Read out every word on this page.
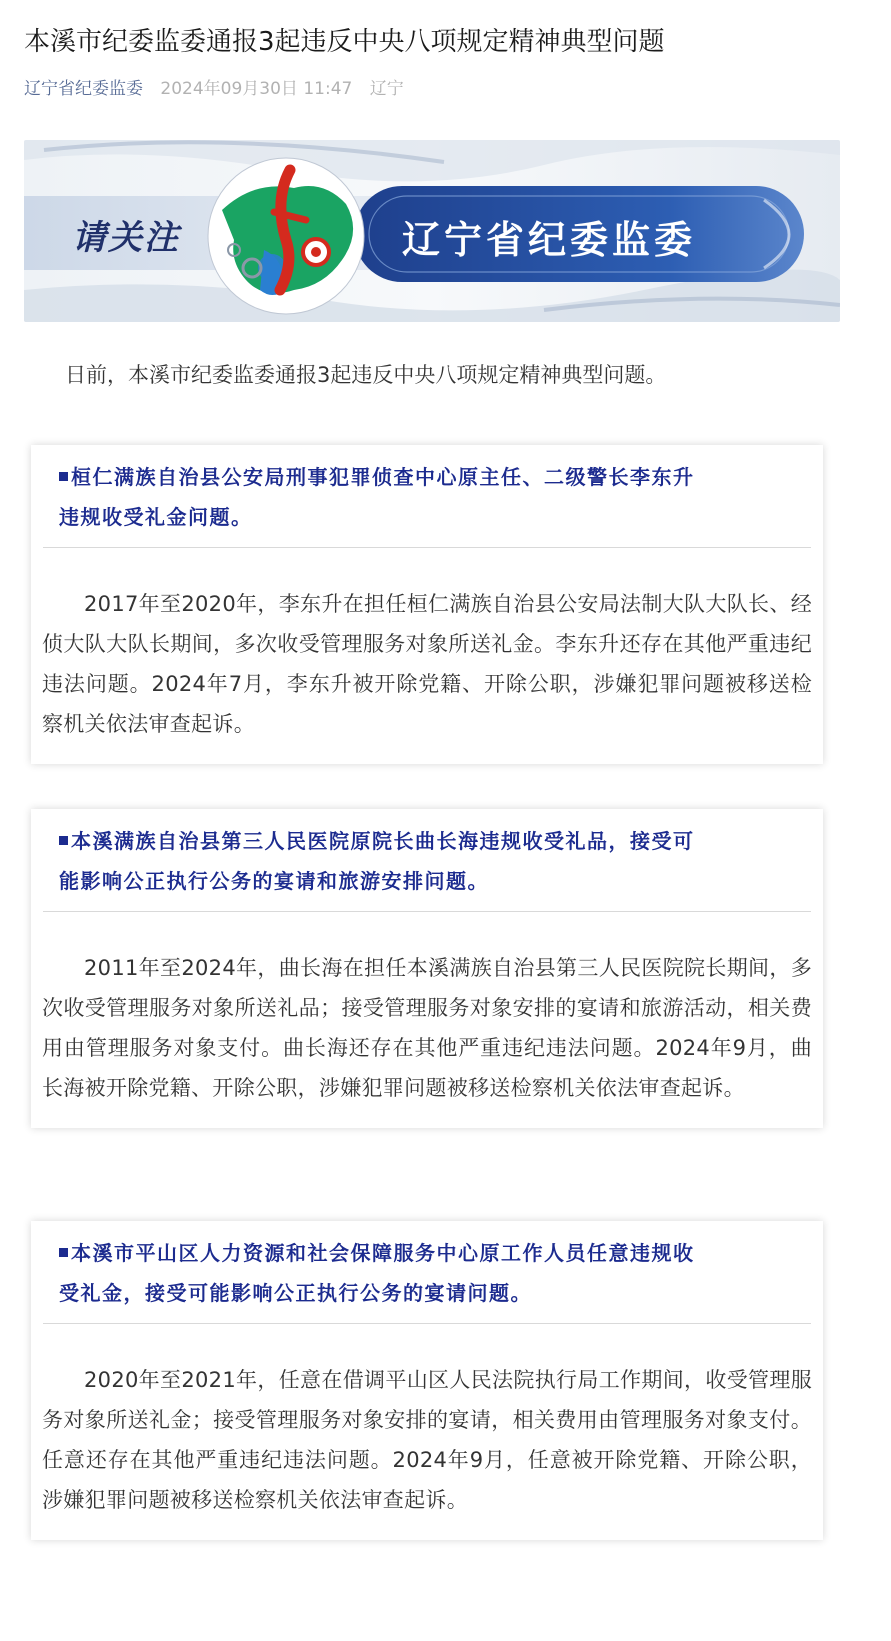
本溪市纪委监委通报3起违反中央八项规定精神典型问题
辽宁省纪委监委 2024年09月30日 11:47 辽宁
请关注	辽宁省纪委监委

日前，本溪市纪委监委通报3起违反中央八项规定精神典型问题。

桓仁满族自治县公安局刑事犯罪侦查中心原主任、二级警长李东升违规收受礼金问题。

2017年至2020年，李东升在担任桓仁满族自治县公安局法制大队大队长、经侦大队大队长期间，多次收受管理服务对象所送礼金。李东升还存在其他严重违纪违法问题。2024年7月，李东升被开除党籍、开除公职，涉嫌犯罪问题被移送检察机关依法审查起诉。

本溪满族自治县第三人民医院原院长曲长海违规收受礼品，接受可能影响公正执行公务的宴请和旅游安排问题。

2011年至2024年，曲长海在担任本溪满族自治县第三人民医院院长期间，多次收受管理服务对象所送礼品；接受管理服务对象安排的宴请和旅游活动，相关费用由管理服务对象支付。曲长海还存在其他严重违纪违法问题。2024年9月，曲长海被开除党籍、开除公职，涉嫌犯罪问题被移送检察机关依法审查起诉。

本溪市平山区人力资源和社会保障服务中心原工作人员任意违规收受礼金，接受可能影响公正执行公务的宴请问题。

2020年至2021年，任意在借调平山区人民法院执行局工作期间，收受管理服务对象所送礼金；接受管理服务对象安排的宴请，相关费用由管理服务对象支付。任意还存在其他严重违纪违法问题。2024年9月，任意被开除党籍、开除公职，涉嫌犯罪问题被移送检察机关依法审查起诉。
